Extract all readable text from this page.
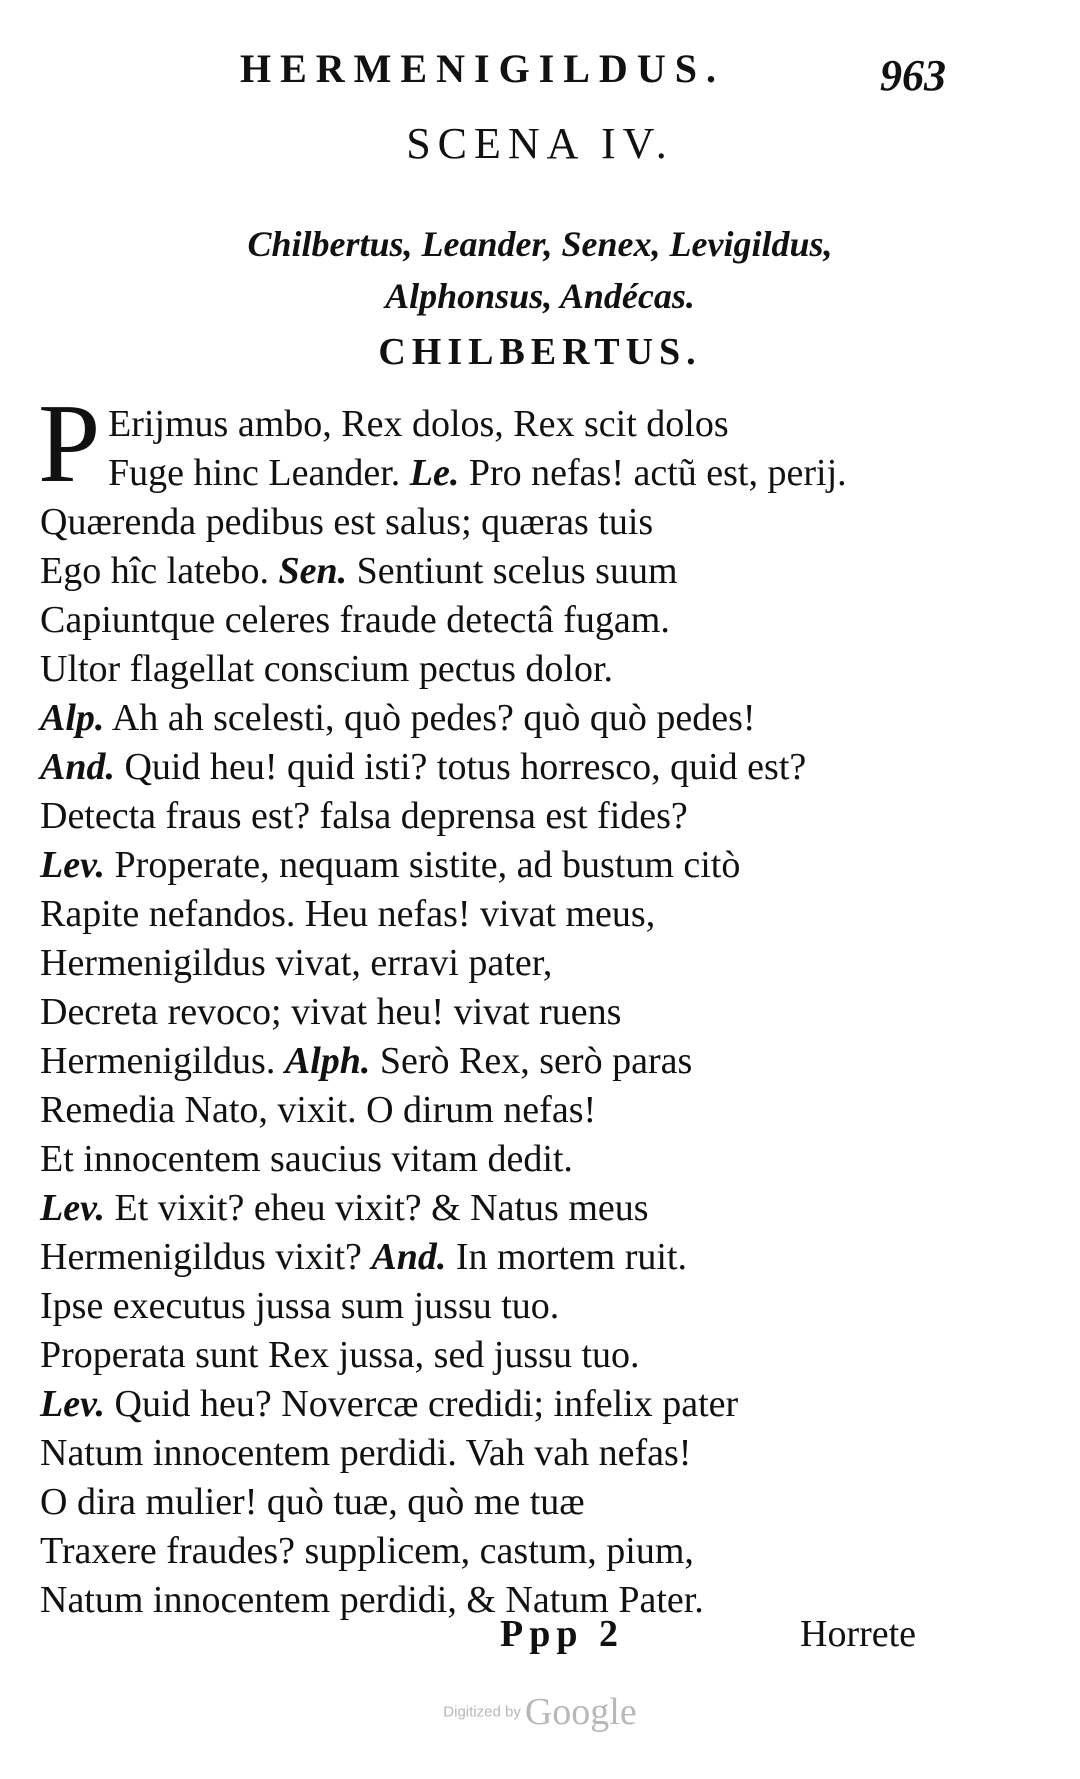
HERMENIGILDUS.	963
SCENA IV.
Chilbertus, Leander, Senex, Levigildus,
Alphonsus, Andécas.
CHILBERTUS.
P Erijmus ambo, Rex dolos, Rex scit dolos
Fuge hinc Leander. Le. Pro nefas! actũ est, perij.
Quærenda pedibus est salus; quæras tuis
Ego hîc latebo. Sen. Sentiunt scelus suum
Capiuntque celeres fraude detectâ fugam.
Ultor flagellat conscium pectus dolor.
Alp. Ah ah scelesti, quò pedes? quò quò pedes!
And. Quid heu! quid isti? totus horresco, quid est?
Detecta fraus est? falsa deprensa est fides?
Lev. Properate, nequam sistite, ad bustum citò
Rapite nefandos. Heu nefas! vivat meus,
Hermenigildus vivat, erravi pater,
Decreta revoco; vivat heu! vivat ruens
Hermenigildus. Alph. Serò Rex, serò paras
Remedia Nato, vixit. O dirum nefas!
Et innocentem saucius vitam dedit.
Lev. Et vixit? eheu vixit? & Natus meus
Hermenigildus vixit? And. In mortem ruit.
Ipse executus jussa sum jussu tuo.
Properata sunt Rex jussa, sed jussu tuo.
Lev. Quid heu? Novercæ credidi; infelix pater
Natum innocentem perdidi. Vah vah nefas!
O dira mulier! quò tuæ, quò me tuæ
Traxere fraudes? supplicem, castum, pium,
Natum innocentem perdidi, & Natum Pater.
Ppp 2	Horrete
Digitized by Google
